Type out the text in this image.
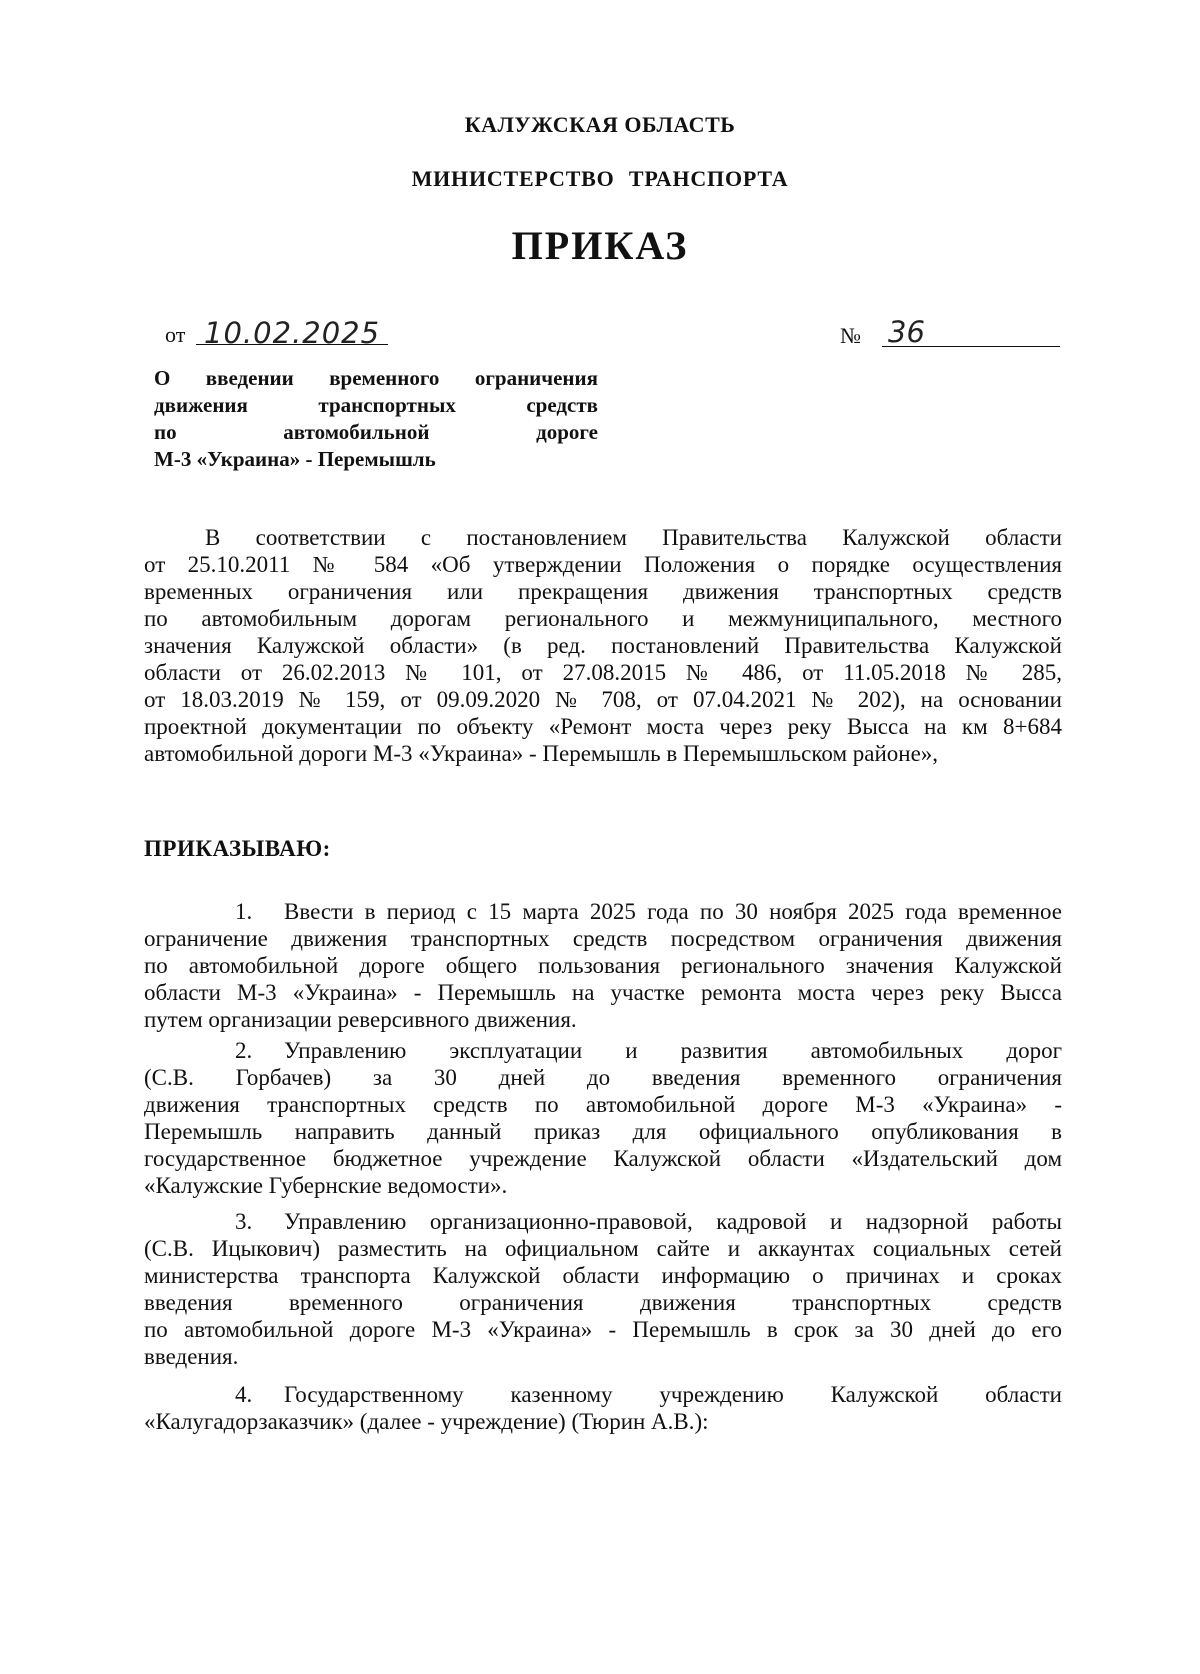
КАЛУЖСКАЯ ОБЛАСТЬ
МИНИСТЕРСТВО ТРАНСПОРТА
ПРИКАЗ
от 10.02.2025	№ 36
О введении временного ограничения
движения транспортных средств
по автомобильной дороге
М-3 «Украина» - Перемышль
В соответствии с постановлением Правительства Калужской области
от 25.10.2011 № 584 «Об утверждении Положения о порядке осуществления
временных ограничения или прекращения движения транспортных средств
по автомобильным дорогам регионального и межмуниципального, местного
значения Калужской области» (в ред. постановлений Правительства Калужской
области от 26.02.2013 № 101, от 27.08.2015 № 486, от 11.05.2018 № 285,
от 18.03.2019 № 159, от 09.09.2020 № 708, от 07.04.2021 № 202), на основании
проектной документации по объекту «Ремонт моста через реку Высса на км 8+684
автомобильной дороги М-3 «Украина» - Перемышль в Перемышльском районе»,
ПРИКАЗЫВАЮ:
1.	Ввести в период с 15 марта 2025 года по 30 ноября 2025 года временное
ограничение движения транспортных средств посредством ограничения движения
по автомобильной дороге общего пользования регионального значения Калужской
области М-3 «Украина» - Перемышль на участке ремонта моста через реку Высса
путем организации реверсивного движения.
2.	Управлению эксплуатации и развития автомобильных дорог
(С.В. Горбачев) за 30 дней до введения временного ограничения
движения транспортных средств по автомобильной дороге М-3 «Украина» -
Перемышль направить данный приказ для официального опубликования в
государственное бюджетное учреждение Калужской области «Издательский дом
«Калужские Губернские ведомости».
3.	Управлению организационно-правовой, кадровой и надзорной работы
(С.В. Ицыкович) разместить на официальном сайте и аккаунтах социальных сетей
министерства транспорта Калужской области информацию о причинах и сроках
введения временного ограничения движения транспортных средств
по автомобильной дороге М-3 «Украина» - Перемышль в срок за 30 дней до его
введения.
4.	Государственному казенному учреждению Калужской области
«Калугадорзаказчик» (далее - учреждение) (Тюрин А.В.):
